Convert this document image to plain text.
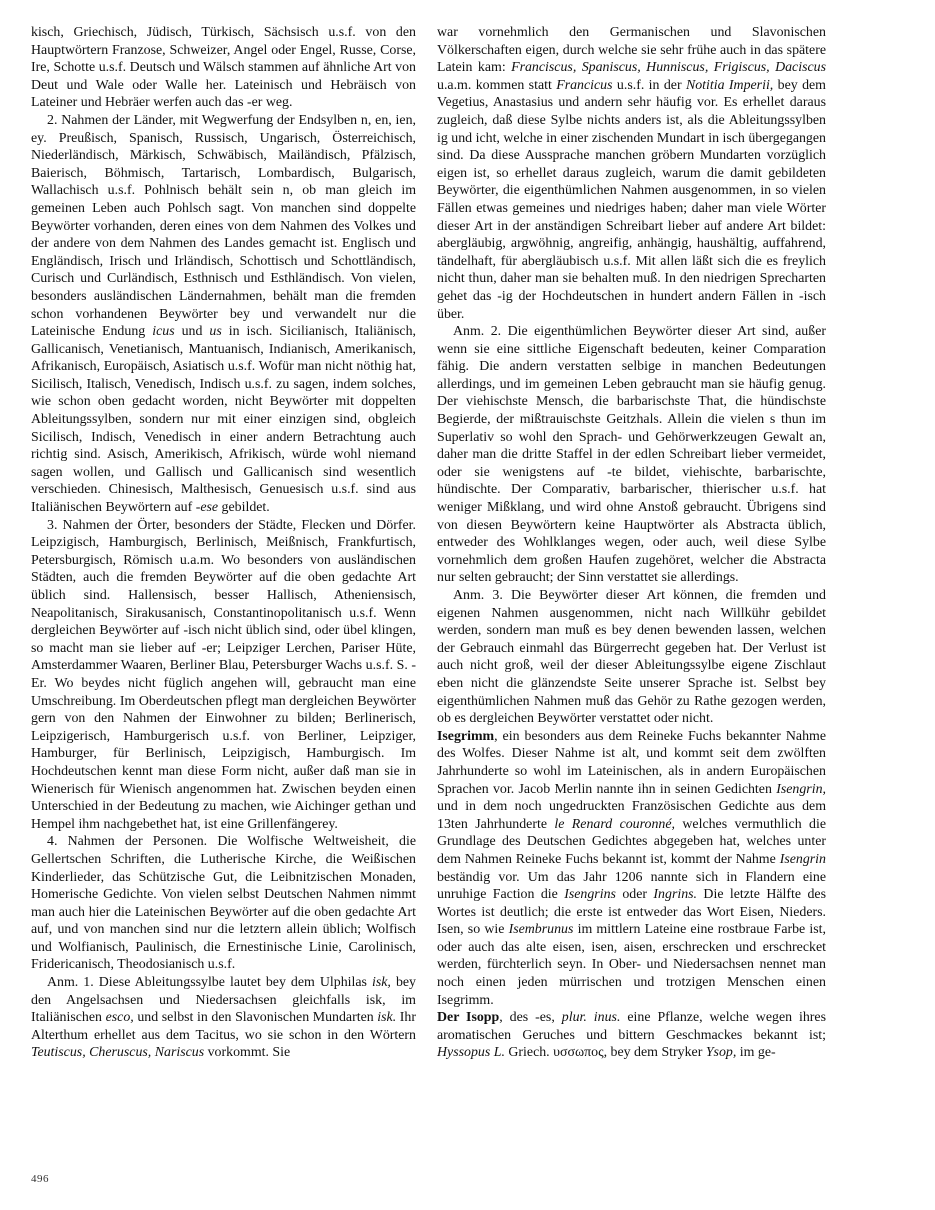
kisch, Griechisch, Jüdisch, Türkisch, Sächsisch u.s.f. von den Hauptwörtern Franzose, Schweizer, Angel oder Engel, Russe, Corse, Ire, Schotte u.s.f. Deutsch und Wälsch stammen auf ähnliche Art von Deut und Wale oder Walle her. Lateinisch und Hebräisch von Lateiner und Hebräer werfen auch das -er weg.

2. Nahmen der Länder, mit Wegwerfung der Endsylben n, en, ien, ey. Preußisch, Spanisch, Russisch, Ungarisch, Österreichisch, Niederländisch, Märkisch, Schwäbisch, Mailändisch, Pfälzisch, Baierisch, Böhmisch, Tartarisch, Lombardisch, Bulgarisch, Wallachisch u.s.f. Pohlnisch behält sein n, ob man gleich im gemeinen Leben auch Pohlsch sagt. Von manchen sind doppelte Beywörter vorhanden, deren eines von dem Nahmen des Volkes und der andere von dem Nahmen des Landes gemacht ist. Englisch und Engländisch, Irisch und Irländisch, Schottisch und Schottländisch, Curisch und Curländisch, Esthnisch und Esthländisch. Von vielen, besonders ausländischen Ländernahmen, behält man die fremden schon vorhandenen Beywörter bey und verwandelt nur die Lateinische Endung icus und us in isch. Sicilianisch, Italiänisch, Gallicanisch, Venetianisch, Mantuanisch, Indianisch, Amerikanisch, Afrikanisch, Europäisch, Asiatisch u.s.f. Wofür man nicht nöthig hat, Sicilisch, Italisch, Venedisch, Indisch u.s.f. zu sagen, indem solches, wie schon oben gedacht worden, nicht Beywörter mit doppelten Ableitungssylben, sondern nur mit einer einzigen sind, obgleich Sicilisch, Indisch, Venedisch in einer andern Betrachtung auch richtig sind. Asisch, Amerikisch, Afrikisch, würde wohl niemand sagen wollen, und Gallisch und Gallicanisch sind wesentlich verschieden. Chinesisch, Malthesisch, Genuesisch u.s.f. sind aus Italiänischen Beywörtern auf -ese gebildet.

3. Nahmen der Örter, besonders der Städte, Flecken und Dörfer. Leipzigisch, Hamburgisch, Berlinisch, Meißnisch, Frankfurtisch, Petersburgisch, Römisch u.a.m. Wo besonders von ausländischen Städten, auch die fremden Beywörter auf die oben gedachte Art üblich sind. Hallensisch, besser Hallisch, Atheniensisch, Neapolitanisch, Sirakusanisch, Constantinopolitanisch u.s.f. Wenn dergleichen Beywörter auf -isch nicht üblich sind, oder übel klingen, so macht man sie lieber auf -er; Leipziger Lerchen, Pariser Hüte, Amsterdammer Waaren, Berliner Blau, Petersburger Wachs u.s.f. S. -Er. Wo beydes nicht füglich angehen will, gebraucht man eine Umschreibung. Im Oberdeutschen pflegt man dergleichen Beywörter gern von den Nahmen der Einwohner zu bilden; Berlinerisch, Leipzigerisch, Hamburgerisch u.s.f. von Berliner, Leipziger, Hamburger, für Berlinisch, Leipzigisch, Hamburgisch. Im Hochdeutschen kennt man diese Form nicht, außer daß man sie in Wienerisch für Wienisch angenommen hat. Zwischen beyden einen Unterschied in der Bedeutung zu machen, wie Aichinger gethan und Hempel ihm nachgebethet hat, ist eine Grillenfängerey.

4. Nahmen der Personen. Die Wolfische Weltweisheit, die Gellertschen Schriften, die Lutherische Kirche, die Weißischen Kinderlieder, das Schützische Gut, die Leibnitzischen Monaden, Homerische Gedichte. Von vielen selbst Deutschen Nahmen nimmt man auch hier die Lateinischen Beywörter auf die oben gedachte Art auf, und von manchen sind nur die letztern allein üblich; Wolfisch und Wolfianisch, Paulinisch, die Ernestinische Linie, Carolinisch, Fridericanisch, Theodosianisch u.s.f.

Anm. 1. Diese Ableitungssylbe lautet bey dem Ulphilas isk, bey den Angelsachsen und Niedersachsen gleichfalls isk, im Italiänischen esco, und selbst in den Slavonischen Mundarten isk. Ihr Alterthum erhellet aus dem Tacitus, wo sie schon in den Wörtern Teutiscus, Cheruscus, Nariscus vorkommt. Sie

war vornehmlich den Germanischen und Slavonischen Völkerschaften eigen, durch welche sie sehr frühe auch in das spätere Latein kam: Franciscus, Spaniscus, Hunniscus, Frigiscus, Daciscus u.a.m. kommen statt Francicus u.s.f. in der Notitia Imperii, bey dem Vegetius, Anastasius und andern sehr häufig vor. Es erhellet daraus zugleich, daß diese Sylbe nichts anders ist, als die Ableitungssylben ig und icht, welche in einer zischenden Mundart in isch übergegangen sind. Da diese Aussprache manchen gröbern Mundarten vorzüglich eigen ist, so erhellet daraus zugleich, warum die damit gebildeten Beywörter, die eigenthümlichen Nahmen ausgenommen, in so vielen Fällen etwas gemeines und niedriges haben; daher man viele Wörter dieser Art in der anständigen Schreibart lieber auf andere Art bildet: abergläubig, argwöhnig, angreifig, anhängig, haushältig, auffahrend, tändelhaft, für abergläubisch u.s.f. Mit allen läßt sich die es freylich nicht thun, daher man sie behalten muß. In den niedrigen Sprecharten gehet das -ig der Hochdeutschen in hundert andern Fällen in -isch über.

Anm. 2. Die eigenthümlichen Beywörter dieser Art sind, außer wenn sie eine sittliche Eigenschaft bedeuten, keiner Comparation fähig. Die andern verstatten selbige in manchen Bedeutungen allerdings, und im gemeinen Leben gebraucht man sie häufig genug. Der viehischste Mensch, die barbarischste That, die hündischste Begierde, der mißtrauischste Geitzhals. Allein die vielen s thun im Superlativ so wohl den Sprach- und Gehörwerkzeugen Gewalt an, daher man die dritte Staffel in der edlen Schreibart lieber vermeidet, oder sie wenigstens auf -te bildet, viehischte, barbarischte, hündischte. Der Comparativ, barbarischer, thierischer u.s.f. hat weniger Mißklang, und wird ohne Anstoß gebraucht. Übrigens sind von diesen Beywörtern keine Hauptwörter als Abstracta üblich, entweder des Wohlklanges wegen, oder auch, weil diese Sylbe vornehmlich dem großen Haufen zugehöret, welcher die Abstracta nur selten gebraucht; der Sinn verstattet sie allerdings.

Anm. 3. Die Beywörter dieser Art können, die fremden und eigenen Nahmen ausgenommen, nicht nach Willkühr gebildet werden, sondern man muß es bey denen bewenden lassen, welchen der Gebrauch einmahl das Bürgerrecht gegeben hat. Der Verlust ist auch nicht groß, weil der dieser Ableitungssylbe eigene Zischlaut eben nicht die glänzendste Seite unserer Sprache ist. Selbst bey eigenthümlichen Nahmen muß das Gehör zu Rathe gezogen werden, ob es dergleichen Beywörter verstattet oder nicht.

Isegrimm, ein besonders aus dem Reineke Fuchs bekannter Nahme des Wolfes. Dieser Nahme ist alt, und kommt seit dem zwölften Jahrhunderte so wohl im Lateinischen, als in andern Europäischen Sprachen vor. Jacob Merlin nannte ihn in seinen Gedichten Isengrin, und in dem noch ungedruckten Französischen Gedichte aus dem 13ten Jahrhunderte le Renard couronné, welches vermuthlich die Grundlage des Deutschen Gedichtes abgegeben hat, welches unter dem Nahmen Reineke Fuchs bekannt ist, kommt der Nahme Isengrin beständig vor. Um das Jahr 1206 nannte sich in Flandern eine unruhige Faction die Isengrins oder Ingrins. Die letzte Hälfte des Wortes ist deutlich; die erste ist entweder das Wort Eisen, Nieders. Isen, so wie Isembrunus im mittlern Lateine eine rostbraue Farbe ist, oder auch das alte eisen, isen, aisen, erschrecken und erschrecket werden, fürchterlich seyn. In Ober- und Niedersachsen nennet man noch einen jeden mürrischen und trotzigen Menschen einen Isegrimm.

Der Isopp, des -es, plur. inus. eine Pflanze, welche wegen ihres aromatischen Geruches und bittern Geschmackes bekannt ist; Hyssopus L. Griech. υσσωπος, bey dem Stryker Ysop, im ge-

496
